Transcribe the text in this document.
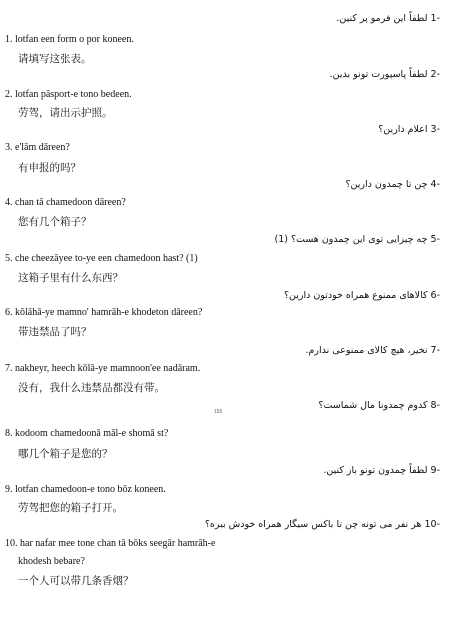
-1 لطفاً این فرمو پر کنین.
1. lotfan een form o por koneen.
请填写这张表。
-2 لطفاً پاسپورت تونو بدین.
2. lotfan pāsport-e tono bedeen.
劳驾，请出示护照。
-3 اعلام دارین؟
3. e'lām dāreen?
有申报的吗？
-4 چن تا چمدون دارین؟
4. chan tā chamedoon dāreen?
您有几个箱子？
-5 چه چیزایی توی این چمدون هست؟ (1)
5. che cheezāyee to-ye een chamedoon hast? (1)
这箱子里有什么东西？
-6 کالاهای ممنوع همراه خودتون دارین؟
6. kōlāhā-ye mamno' hamrāh-e khodeton dāreen?
带违禁品了吗？
-7 نخیر، هیچ کالای ممنوعی ندارم.
7. nakheyr, heech kōlā-ye mamnoon'ee nadāram.
没有，我什么违禁品都没有带。
155
-8 کدوم چمدونا مال شماست؟
8. kodoom chamedoonā māl-e shomā st?
哪几个箱子是您的？
-9 لطفاً چمدون تونو باز کنین.
9. lotfan chamedoon-e tono bōz koneen.
劳驾把您的箱子打开。
-10 هر نفر می تونه چن تا باکس سیگار همراه خودش ببره؟
10. har nafar mee tone chan tā bōks seegār hamrāh-e
khodesh bebare?
一个人可以带几条香烟？
